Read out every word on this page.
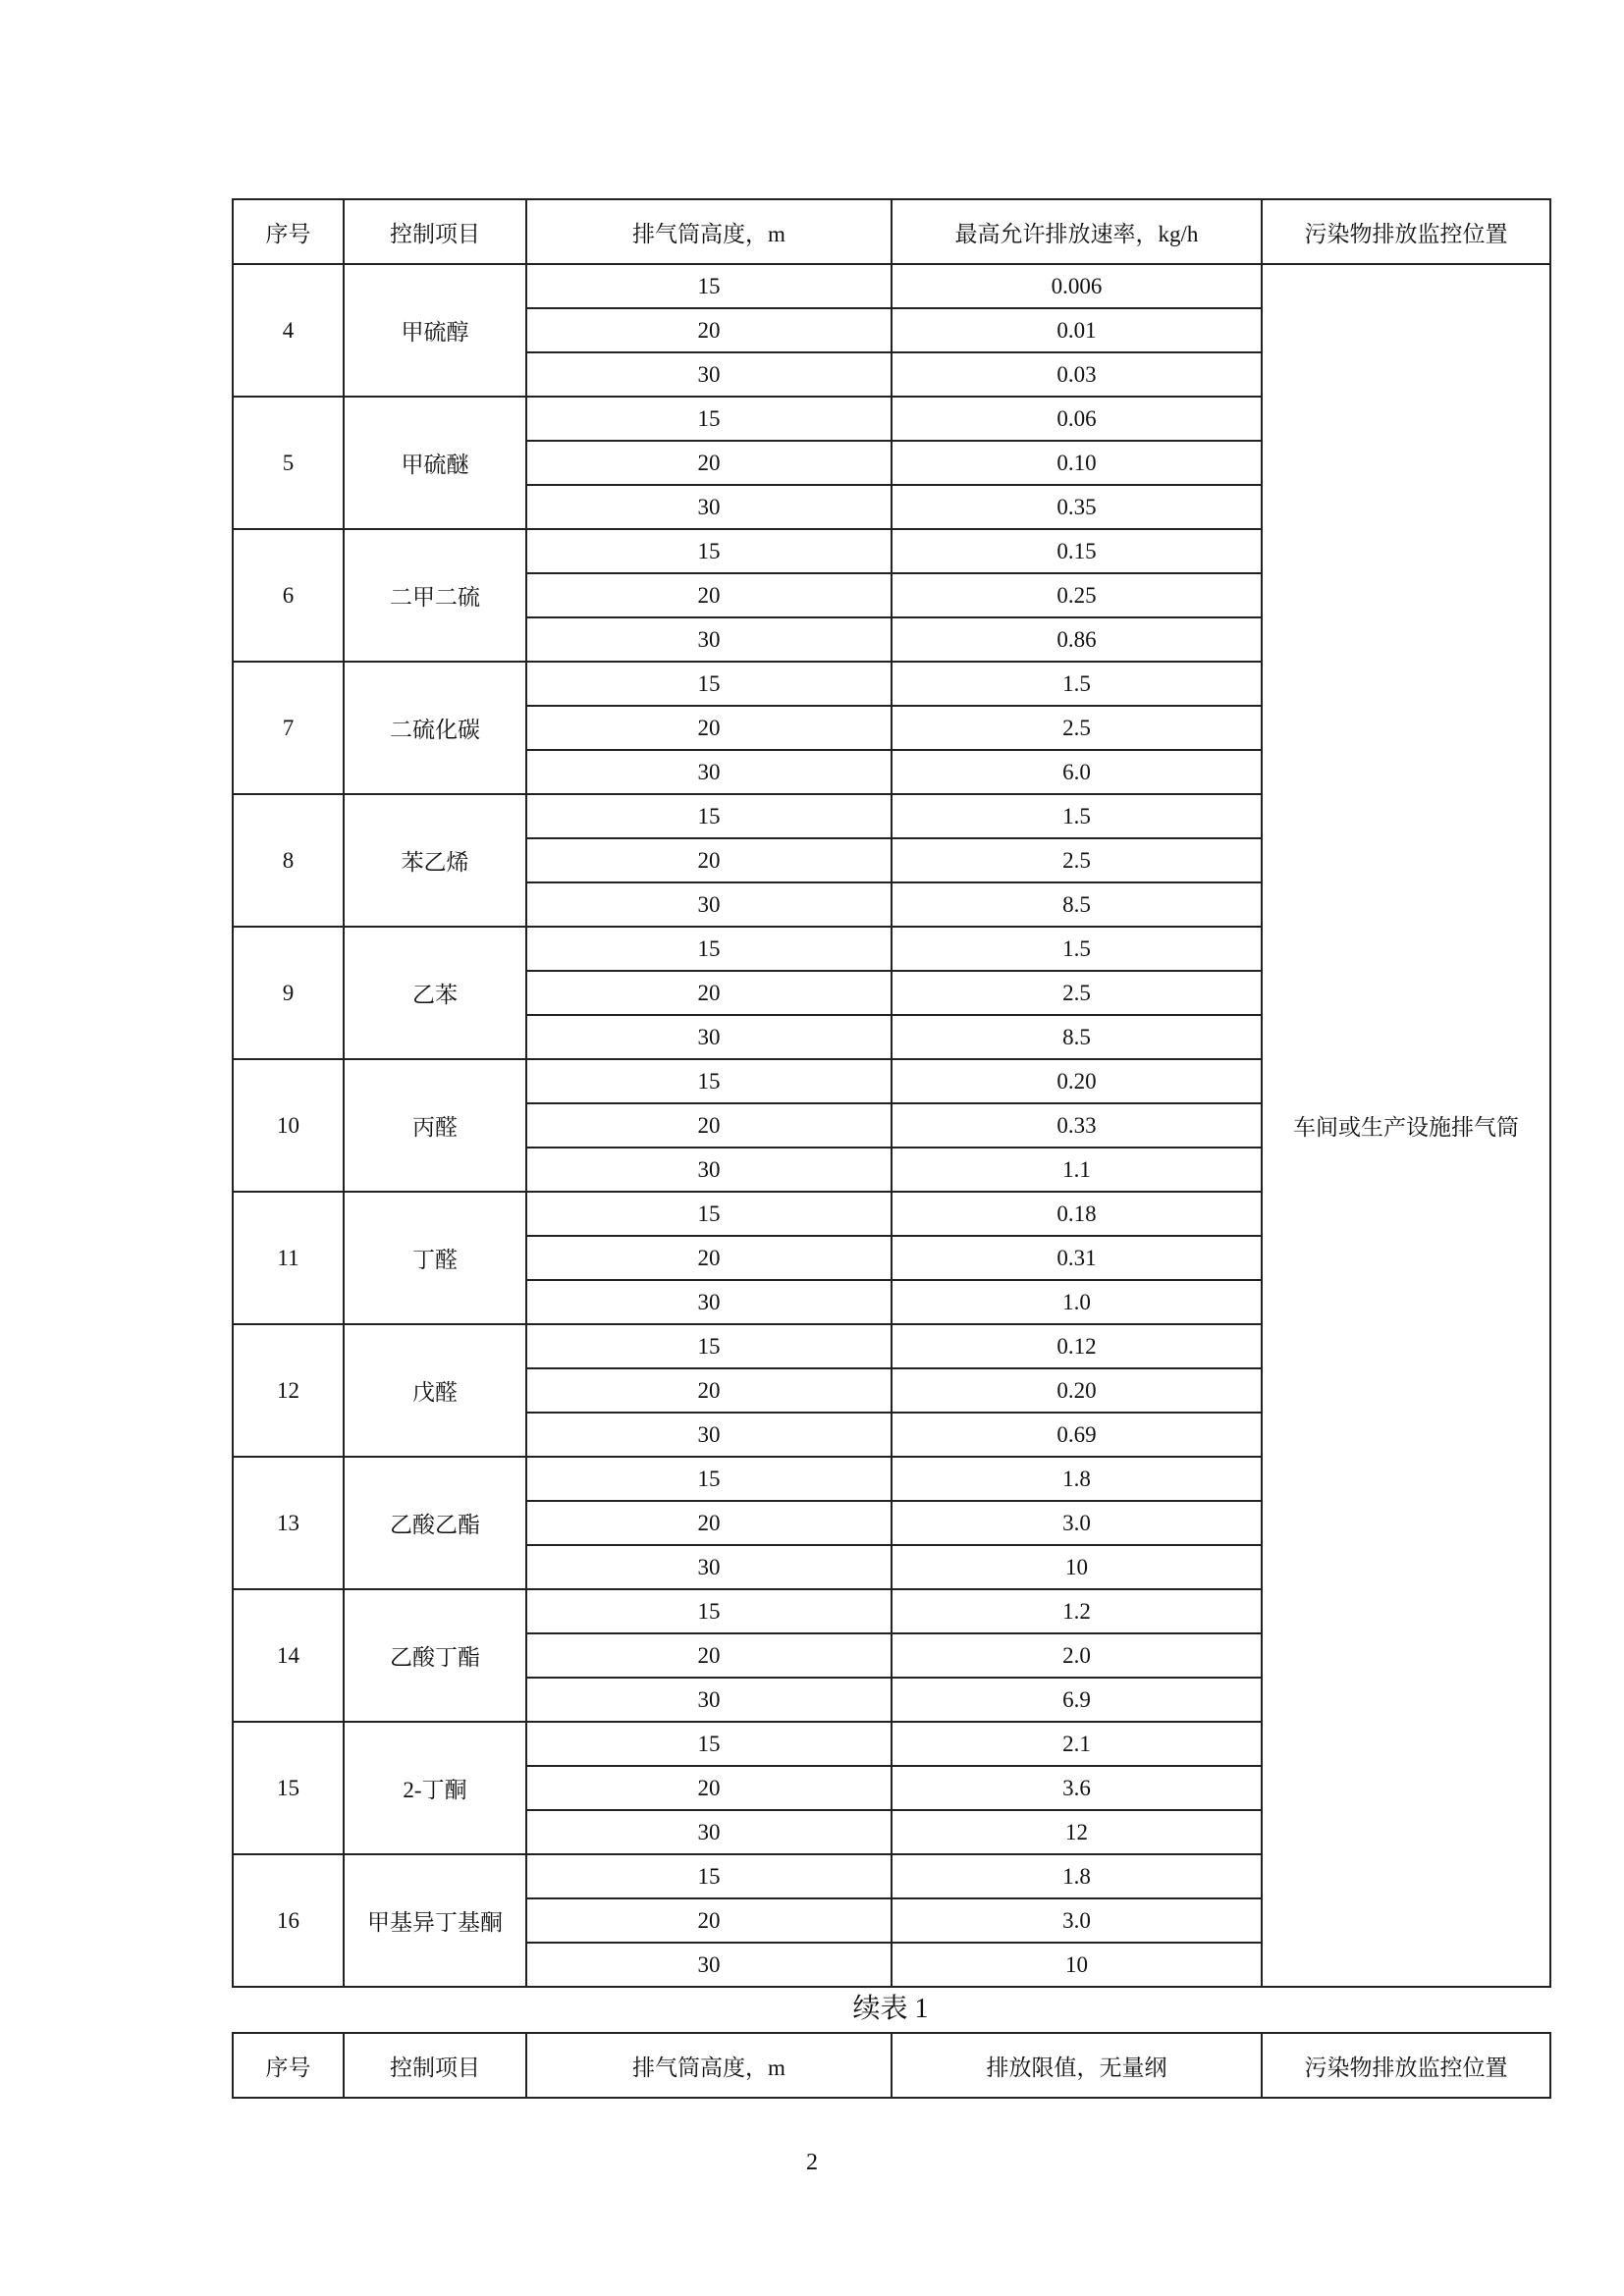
序号	控制项目	排气筒高度，m	最高允许排放速率，kg/h	污染物排放监控位置
4	甲硫醇	15	0.006	车间或生产设施排气筒
		20	0.01	
		30	0.03	
5	甲硫醚	15	0.06	
		20	0.10	
		30	0.35	
6	二甲二硫	15	0.15	
		20	0.25	
		30	0.86	
7	二硫化碳	15	1.5	
		20	2.5	
		30	6.0	
8	苯乙烯	15	1.5	
		20	2.5	
		30	8.5	
9	乙苯	15	1.5	
		20	2.5	
		30	8.5	
10	丙醛	15	0.20	
		20	0.33	
		30	1.1	
11	丁醛	15	0.18	
		20	0.31	
		30	1.0	
12	戊醛	15	0.12	
		20	0.20	
		30	0.69	
13	乙酸乙酯	15	1.8	
		20	3.0	
		30	10	
14	乙酸丁酯	15	1.2	
		20	2.0	
		30	6.9	
15	2-丁酮	15	2.1	
		20	3.6	
		30	12	
16	甲基异丁基酮	15	1.8	
		20	3.0	
		30	10	
续表 1
序号	控制项目	排气筒高度，m	排放限值，无量纲	污染物排放监控位置
2
